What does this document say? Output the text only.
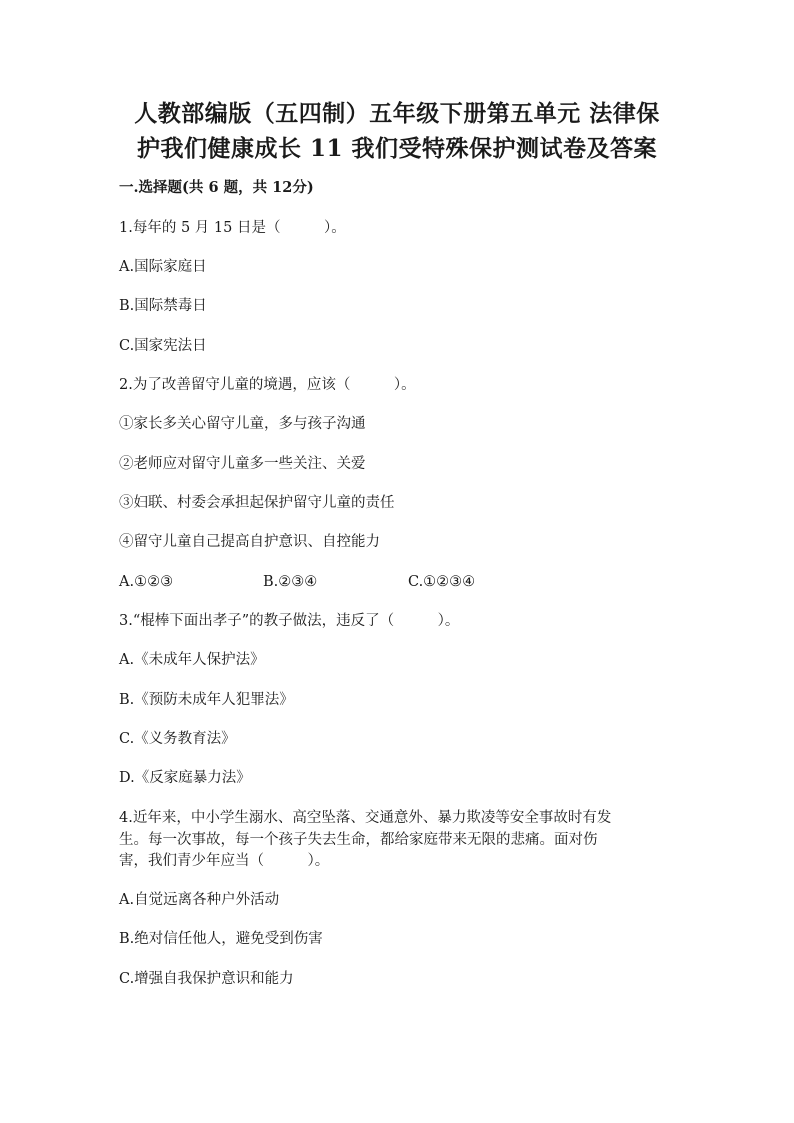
人教部编版（五四制）五年级下册第五单元 法律保
护我们健康成长 11 我们受特殊保护测试卷及答案
一.选择题(共 6 题，共 12分)
1.每年的 5 月 15 日是（　　　）。
A.国际家庭日
B.国际禁毒日
C.国家宪法日
2.为了改善留守儿童的境遇，应该（　　　）。
①家长多关心留守儿童，多与孩子沟通
②老师应对留守儿童多一些关注、关爱
③妇联、村委会承担起保护留守儿童的责任
④留守儿童自己提高自护意识、自控能力
A.①②③	B.②③④	C.①②③④
3.“棍棒下面出孝子”的教子做法，违反了（　　　）。
A.《未成年人保护法》
B.《预防未成年人犯罪法》
C.《义务教育法》
D.《反家庭暴力法》
4.近年来，中小学生溺水、高空坠落、交通意外、暴力欺凌等安全事故时有发
生。每一次事故，每一个孩子失去生命，都给家庭带来无限的悲痛。面对伤
害，我们青少年应当（　　　）。
A.自觉远离各种户外活动
B.绝对信任他人，避免受到伤害
C.增强自我保护意识和能力
